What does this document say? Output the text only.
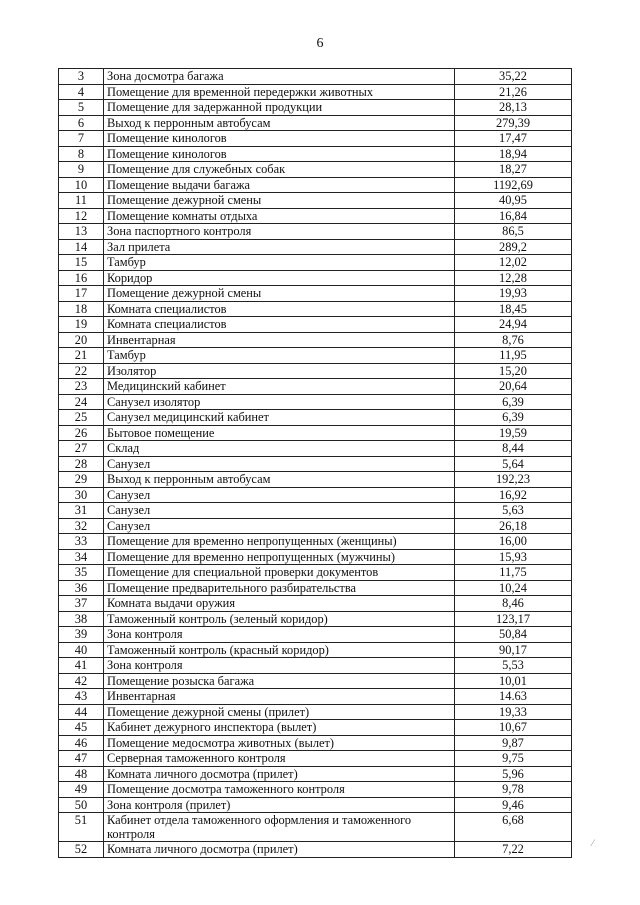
6
3	Зона досмотра багажа	35,22
4	Помещение для временной передержки животных	21,26
5	Помещение для задержанной продукции	28,13
6	Выход к перронным автобусам	279,39
7	Помещение кинологов	17,47
8	Помещение кинологов	18,94
9	Помещение для служебных собак	18,27
10	Помещение выдачи багажа	1192,69
11	Помещение дежурной смены	40,95
12	Помещение комнаты отдыха	16,84
13	Зона паспортного контроля	86,5
14	Зал прилета	289,2
15	Тамбур	12,02
16	Коридор	12,28
17	Помещение дежурной смены	19,93
18	Комната специалистов	18,45
19	Комната специалистов	24,94
20	Инвентарная	8,76
21	Тамбур	11,95
22	Изолятор	15,20
23	Медицинский кабинет	20,64
24	Санузел изолятор	6,39
25	Санузел медицинский кабинет	6,39
26	Бытовое помещение	19,59
27	Склад	8,44
28	Санузел	5,64
29	Выход к перронным автобусам	192,23
30	Санузел	16,92
31	Санузел	5,63
32	Санузел	26,18
33	Помещение для временно непропущенных (женщины)	16,00
34	Помещение для временно непропущенных (мужчины)	15,93
35	Помещение для специальной проверки документов	11,75
36	Помещение предварительного разбирательства	10,24
37	Комната выдачи оружия	8,46
38	Таможенный контроль (зеленый коридор)	123,17
39	Зона контроля	50,84
40	Таможенный контроль (красный коридор)	90,17
41	Зона контроля	5,53
42	Помещение розыска багажа	10,01
43	Инвентарная	14.63
44	Помещение дежурной смены (прилет)	19,33
45	Кабинет дежурного инспектора (вылет)	10,67
46	Помещение медосмотра животных (вылет)	9,87
47	Серверная таможенного контроля	9,75
48	Комната личного досмотра (прилет)	5,96
49	Помещение досмотра таможенного контроля	9,78
50	Зона контроля (прилет)	9,46
51	Кабинет отдела таможенного оформления и таможенного контроля	6,68
52	Комната личного досмотра (прилет)	7,22	⁄
